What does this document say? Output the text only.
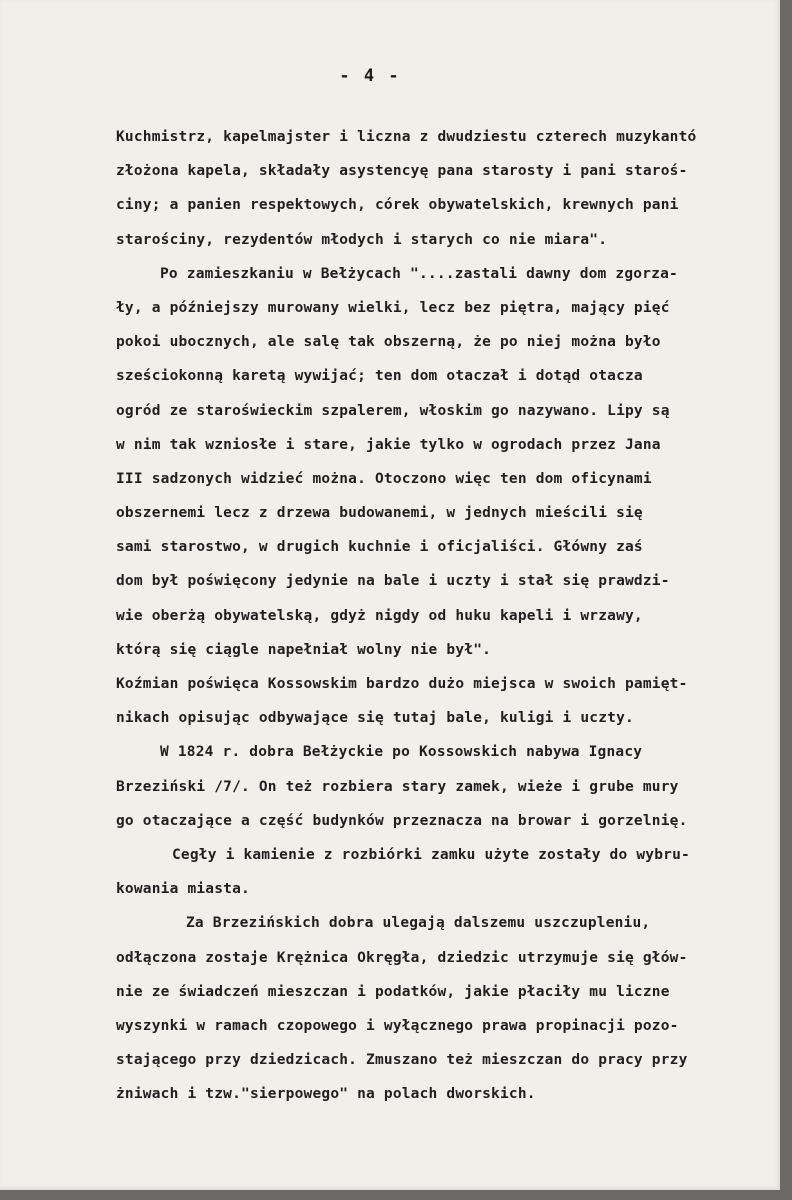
- 4 -
Kuchmistrz, kapelmajster i liczna z dwudziestu czterech muzykantó
złożona kapela, składały asystencyę pana starosty i pani staroś-
ciny; a panien respektowych, córek obywatelskich, krewnych pani
starościny, rezydentów młodych i starych co nie miara".
Po zamieszkaniu w Bełżycach "....zastali dawny dom zgorza-
ły, a późniejszy murowany wielki, lecz bez piętra, mający pięć
pokoi ubocznych, ale salę tak obszerną, że po niej można było
sześciokonną karetą wywijać; ten dom otaczał i dotąd otacza
ogród ze staroświeckim szpalerem, włoskim go nazywano. Lipy są
w nim tak wzniosłe i stare, jakie tylko w ogrodach przez Jana
III sadzonych widzieć można. Otoczono więc ten dom oficynami
obszernemi lecz z drzewa budowanemi, w jednych mieścili się
sami starostwo, w drugich kuchnie i oficjaliści. Główny zaś
dom był poświęcony jedynie na bale i uczty i stał się prawdzi-
wie oberżą obywatelską, gdyż nigdy od huku kapeli i wrzawy,
którą się ciągle napełniał wolny nie był".
Koźmian poświęca Kossowskim bardzo dużo miejsca w swoich pamięt-
nikach opisując odbywające się tutaj bale, kuligi i uczty.
W 1824 r. dobra Bełżyckie po Kossowskich nabywa Ignacy
Brzeziński /7/. On też rozbiera stary zamek, wieże i grube mury
go otaczające a część budynków przeznacza na browar i gorzelnię.
Cegły i kamienie z rozbiórki zamku użyte zostały do wybru-
kowania miasta.
Za Brzezińskich dobra ulegają dalszemu uszczupleniu,
odłączona zostaje Krężnica Okręgła, dziedzic utrzymuje się głów-
nie ze świadczeń mieszczan i podatków, jakie płaciły mu liczne
wyszynki w ramach czopowego i wyłącznego prawa propinacji pozo-
stającego przy dziedzicach. Zmuszano też mieszczan do pracy przy
żniwach i tzw."sierpowego" na polach dworskich.
